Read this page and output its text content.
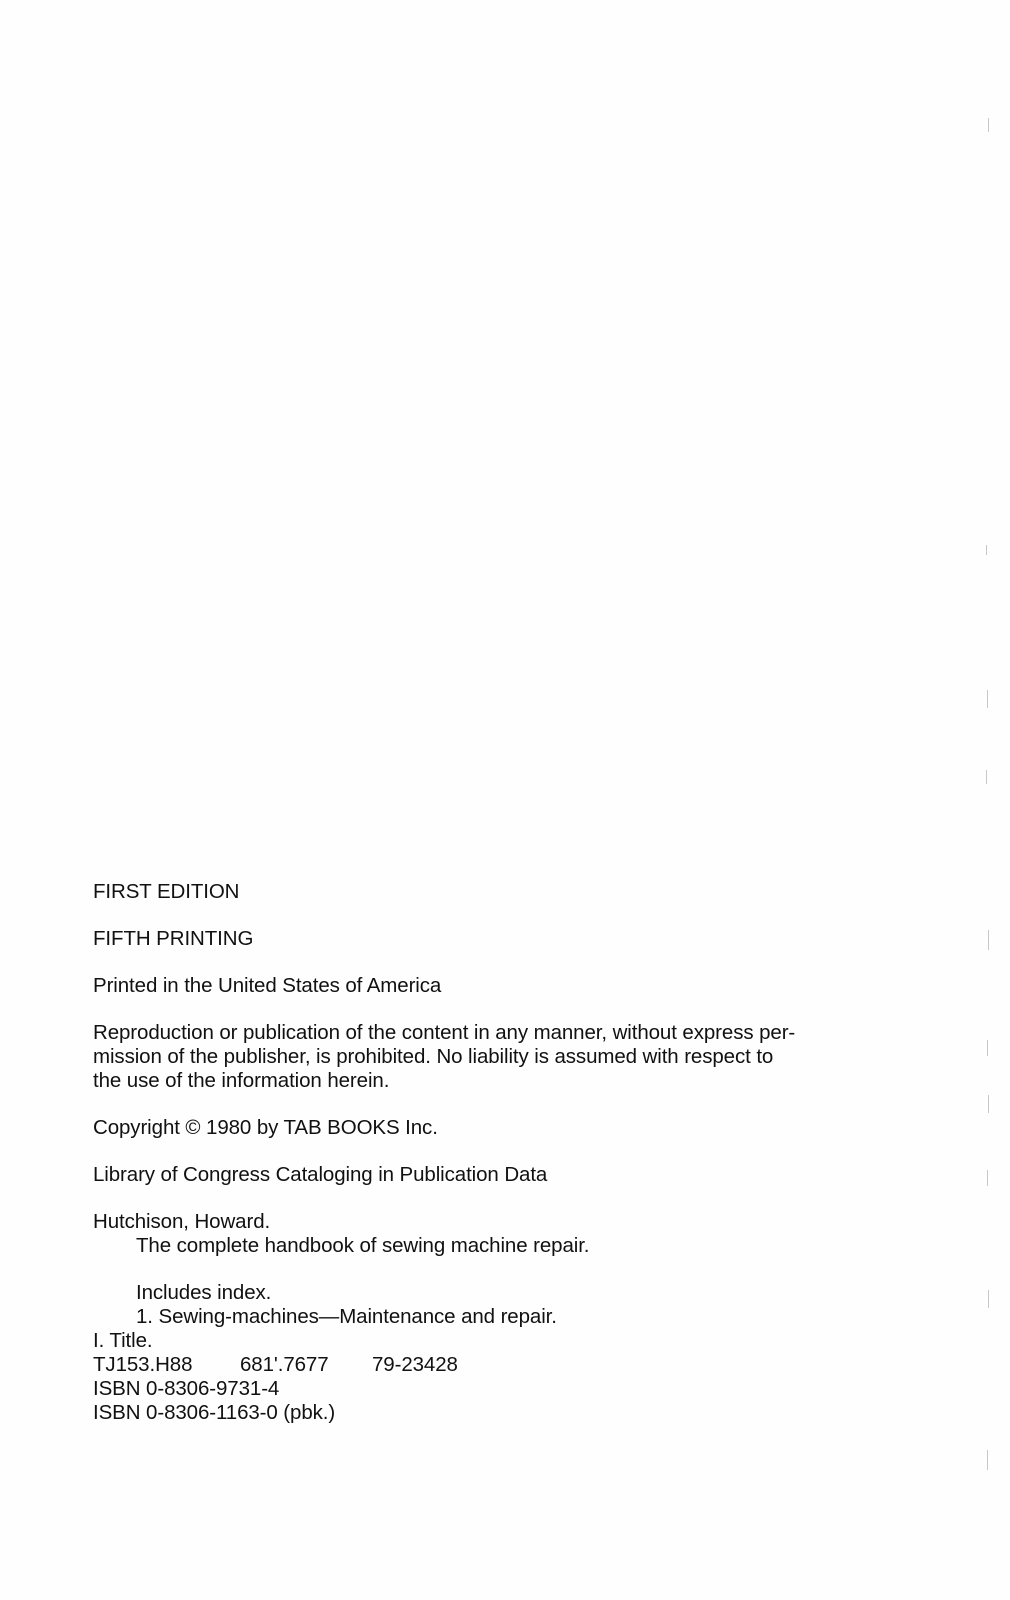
FIRST EDITION

FIFTH PRINTING

Printed in the United States of America

Reproduction or publication of the content in any manner, without express per-
mission of the publisher, is prohibited. No liability is assumed with respect to
the use of the information herein.

Copyright © 1980 by TAB BOOKS Inc.

Library of Congress Cataloging in Publication Data

Hutchison, Howard.
The complete handbook of sewing machine repair.
Includes index.
1. Sewing-machines—Maintenance and repair.
I. Title.
TJ153.H88 681'.7677 79-23428
ISBN 0-8306-9731-4
ISBN 0-8306-1163-0 (pbk.)
